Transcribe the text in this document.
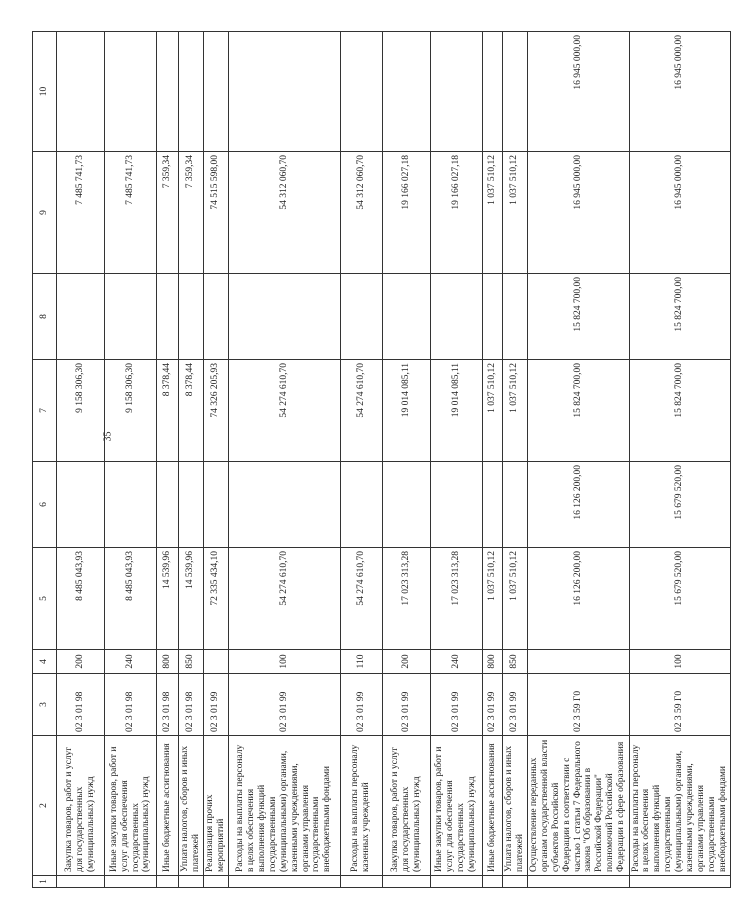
35
1	2	3	4	5	6	7	8	9	10
	Закупка товаров, работ и услуг для государственных (муниципальных) нужд	02 3 01 98	200	8 485 043,93		9 158 306,30		7 485 741,73	
	Иные закупки товаров, работ и услуг для обеспечения государственных (муниципальных) нужд	02 3 01 98	240	8 485 043,93		9 158 306,30		7 485 741,73	
	Иные бюджетные ассигнования	02 3 01 98	800	14 539,96		8 378,44		7 359,34	
	Уплата налогов, сборов и иных платежей	02 3 01 98	850	14 539,96		8 378,44		7 359,34	
	Реализация прочих мероприятий	02 3 01 99		72 335 434,10		74 326 205,93		74 515 598,00	
	Расходы на выплаты персоналу в целях обеспечения выполнения функций государственными (муниципальными) органами, казенными учреждениями, органами управления государственными внебюджетными фондами	02 3 01 99	100	54 274 610,70		54 274 610,70		54 312 060,70	
	Расходы на выплаты персоналу казенных учреждений	02 3 01 99	110	54 274 610,70		54 274 610,70		54 312 060,70	
	Закупка товаров, работ и услуг для государственных (муниципальных) нужд	02 3 01 99	200	17 023 313,28		19 014 085,11		19 166 027,18	
	Иные закупки товаров, работ и услуг для обеспечения государственных (муниципальных) нужд	02 3 01 99	240	17 023 313,28		19 014 085,11		19 166 027,18	
	Иные бюджетные ассигнования	02 3 01 99	800	1 037 510,12		1 037 510,12		1 037 510,12	
	Уплата налогов, сборов и иных платежей	02 3 01 99	850	1 037 510,12		1 037 510,12		1 037 510,12	
	Осуществление переданных органам государственной власти субъектов Российской Федерации в соответствии с частью 1 статьи 7 Федерального закона "Об образовании в Российской Федерации" полномочий Российской Федерации в сфере образования	02 3 59 Г0		16 126 200,00	16 126 200,00	15 824 700,00	15 824 700,00	16 945 000,00	16 945 000,00
	Расходы на выплаты персоналу в целях обеспечения выполнения функций государственными (муниципальными) органами, казенными учреждениями, органами управления государственными внебюджетными фондами	02 3 59 Г0	100	15 679 520,00	15 679 520,00	15 824 700,00	15 824 700,00	16 945 000,00	16 945 000,00
